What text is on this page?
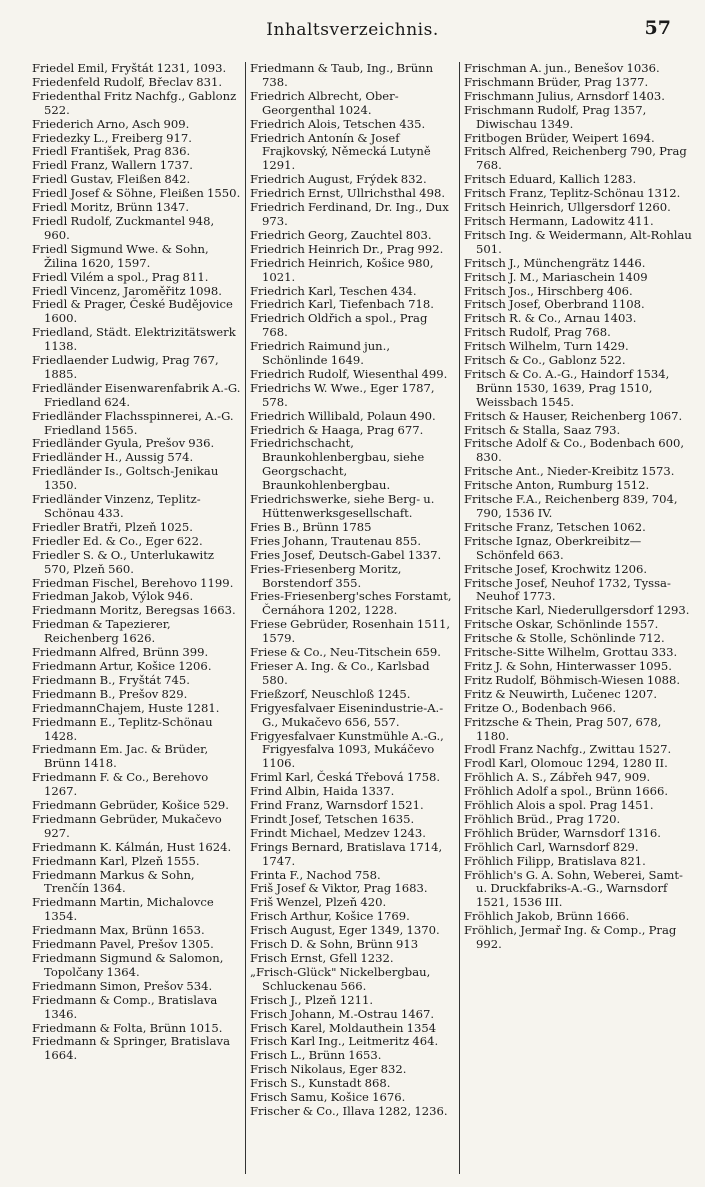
Inhaltsverzeichnis.	57
Friedel Emil, Fryštát 1231, 1093.
Friedenfeld Rudolf, Břeclav 831.
Friedenthal Fritz Nachfg., Gablonz 522.
Friederich Arno, Asch 909.
Friedezky L., Freiberg 917.
Friedl František, Prag 836.
Friedl Franz, Wallern 1737.
Friedl Gustav, Fleißen 842.
Friedl Josef & Söhne, Fleißen 1550.
Friedl Moritz, Brünn 1347.
Friedl Rudolf, Zuckmantel 948, 960.
Friedl Sigmund Wwe. & Sohn, Žilina 1620, 1597.
Friedl Vilém a spol., Prag 811.
Friedl Vincenz, Jaroměřitz 1098.
Friedl & Prager, České Budějovice 1600.
Friedland, Städt. Elektrizitätswerk 1138.
Friedlaender Ludwig, Prag 767, 1885.
Friedländer Eisenwarenfabrik A.-G. Friedland 624.
Friedländer Flachsspinnerei, A.-G. Friedland 1565.
Friedländer Gyula, Prešov 936.
Friedländer H., Aussig 574.
Friedländer Is., Goltsch-Jenikau 1350.
Friedländer Vinzenz, Teplitz-Schönau 433.
Friedler Bratři, Plzeň 1025.
Friedler Ed. & Co., Eger 622.
Friedler S. & O., Unterlukawitz 570, Plzeň 560.
Friedman Fischel, Berehovo 1199.
Friedman Jakob, Výlok 946.
Friedmann Moritz, Beregsas 1663.
Friedman & Tapezierer, Reichenberg 1626.
Friedmann Alfred, Brünn 399.
Friedmann Artur, Košice 1206.
Friedmann B., Fryštát 745.
Friedmann B., Prešov 829.
FriedmannChajem, Huste 1281.
Friedmann E., Teplitz-Schönau 1428.
Friedmann Em. Jac. & Brüder, Brünn 1418.
Friedmann F. & Co., Berehovo 1267.
Friedmann Gebrüder, Košice 529.
Friedmann Gebrüder, Mukačevo 927.
Friedmann K. Kálmán, Hust 1624.
Friedmann Karl, Plzeň 1555.
Friedmann Markus & Sohn, Trenčín 1364.
Friedmann Martin, Michalovce 1354.
Friedmann Max, Brünn 1653.
Friedmann Pavel, Prešov 1305.
Friedmann Sigmund & Salomon, Topolčany 1364.
Friedmann Simon, Prešov 534.
Friedmann & Comp., Bratislava 1346.
Friedmann & Folta, Brünn 1015.
Friedmann & Springer, Bratislava 1664.
Friedmann & Taub, Ing., Brünn 738.
Friedrich Albrecht, Ober-Georgenthal 1024.
Friedrich Alois, Tetschen 435.
Friedrich Antonín & Josef Frajkovský, Německá Lutyně 1291.
Friedrich August, Frýdek 832.
Friedrich Ernst, Ullrichsthal 498.
Friedrich Ferdinand, Dr. Ing., Dux 973.
Friedrich Georg, Zauchtel 803.
Friedrich Heinrich Dr., Prag 992.
Friedrich Heinrich, Košice 980, 1021.
Friedrich Karl, Teschen 434.
Friedrich Karl, Tiefenbach 718.
Friedrich Oldřich a spol., Prag 768.
Friedrich Raimund jun., Schönlinde 1649.
Friedrich Rudolf, Wiesenthal 499.
Friedrichs W. Wwe., Eger 1787, 578.
Friedrich Willibald, Polaun 490.
Friedrich & Haaga, Prag 677.
Friedrichschacht, Braunkohlenbergbau, siehe Georgschacht, Braunkohlenbergbau.
Friedrichswerke, siehe Berg- u. Hüttenwerksgesellschaft.
Fries B., Brünn 1785
Fries Johann, Trautenau 855.
Fries Josef, Deutsch-Gabel 1337.
Fries-Friesenberg Moritz, Borstendorf 355.
Fries-Friesenberg'sches Forstamt, Černáhora 1202, 1228.
Friese Gebrüder, Rosenhain 1511, 1579.
Friese & Co., Neu-Titschein 659.
Frieser A. Ing. & Co., Karlsbad 580.
Frießzorf, Neuschloß 1245.
Frigyesfalvaer Eisenindustrie-A.-G., Mukačevo 656, 557.
Frigyesfalvaer Kunstmühle A.-G., Frigyesfalva 1093, Mukáčevo 1106.
Friml Karl, Česká Třebová 1758.
Frind Albin, Haida 1337.
Frind Franz, Warnsdorf 1521.
Frindt Josef, Tetschen 1635.
Frindt Michael, Medzev 1243.
Frings Bernard, Bratislava 1714, 1747.
Frinta F., Nachod 758.
Friš Josef & Viktor, Prag 1683.
Friš Wenzel, Plzeň 420.
Frisch Arthur, Košice 1769.
Frisch August, Eger 1349, 1370.
Frisch D. & Sohn, Brünn 913
Frisch Ernst, Gfell 1232.
„Frisch-Glück" Nickelbergbau, Schluckenau 566.
Frisch J., Plzeň 1211.
Frisch Johann, M.-Ostrau 1467.
Frisch Karel, Moldauthein 1354
Frisch Karl Ing., Leitmeritz 464.
Frisch L., Brünn 1653.
Frisch Nikolaus, Eger 832.
Frisch S., Kunstadt 868.
Frisch Samu, Košice 1676.
Frischer & Co., Illava 1282, 1236.
Frischman A. jun., Benešov 1036.
Frischmann Brüder, Prag 1377.
Frischmann Julius, Arnsdorf 1403.
Frischmann Rudolf, Prag 1357, Diwischau 1349.
Fritbogen Brüder, Weipert 1694.
Fritsch Alfred, Reichenberg 790, Prag 768.
Fritsch Eduard, Kallich 1283.
Fritsch Franz, Teplitz-Schönau 1312.
Fritsch Heinrich, Ullgersdorf 1260.
Fritsch Hermann, Ladowitz 411.
Fritsch Ing. & Weidermann, Alt-Rohlau 501.
Fritsch J., Münchengrätz 1446.
Fritsch J. M., Mariaschein 1409
Fritsch Jos., Hirschberg 406.
Fritsch Josef, Oberbrand 1108.
Fritsch R. & Co., Arnau 1403.
Fritsch Rudolf, Prag 768.
Fritsch Wilhelm, Turn 1429.
Fritsch & Co., Gablonz 522.
Fritsch & Co. A.-G., Haindorf 1534, Brünn 1530, 1639, Prag 1510, Weissbach 1545.
Fritsch & Hauser, Reichenberg 1067.
Fritsch & Stalla, Saaz 793.
Fritsche Adolf & Co., Bodenbach 600, 830.
Fritsche Ant., Nieder-Kreibitz 1573.
Fritsche Anton, Rumburg 1512.
Fritsche F.A., Reichenberg 839, 704, 790, 1536 IV.
Fritsche Franz, Tetschen 1062.
Fritsche Ignaz, Oberkreibitz—Schönfeld 663.
Fritsche Josef, Krochwitz 1206.
Fritsche Josef, Neuhof 1732, Tyssa-Neuhof 1773.
Fritsche Karl, Niederullgersdorf 1293.
Fritsche Oskar, Schönlinde 1557.
Fritsche & Stolle, Schönlinde 712.
Fritsche-Sitte Wilhelm, Grottau 333.
Fritz J. & Sohn, Hinterwasser 1095.
Fritz Rudolf, Böhmisch-Wiesen 1088.
Fritz & Neuwirth, Lučenec 1207.
Fritze O., Bodenbach 966.
Fritzsche & Thein, Prag 507, 678, 1180.
Frodl Franz Nachfg., Zwittau 1527.
Frodl Karl, Olomouc 1294, 1280 II.
Fröhlich A. S., Zábřeh 947, 909.
Fröhlich Adolf a spol., Brünn 1666.
Fröhlich Alois a spol. Prag 1451.
Fröhlich Brüd., Prag 1720.
Fröhlich Brüder, Warnsdorf 1316.
Fröhlich Carl, Warnsdorf 829.
Fröhlich Filipp, Bratislava 821.
Fröhlich's G. A. Sohn, Weberei, Samt- u. Druckfabriks-A.-G., Warnsdorf 1521, 1536 III.
Fröhlich Jakob, Brünn 1666.
Fröhlich, Jermař Ing. & Comp., Prag 992.
